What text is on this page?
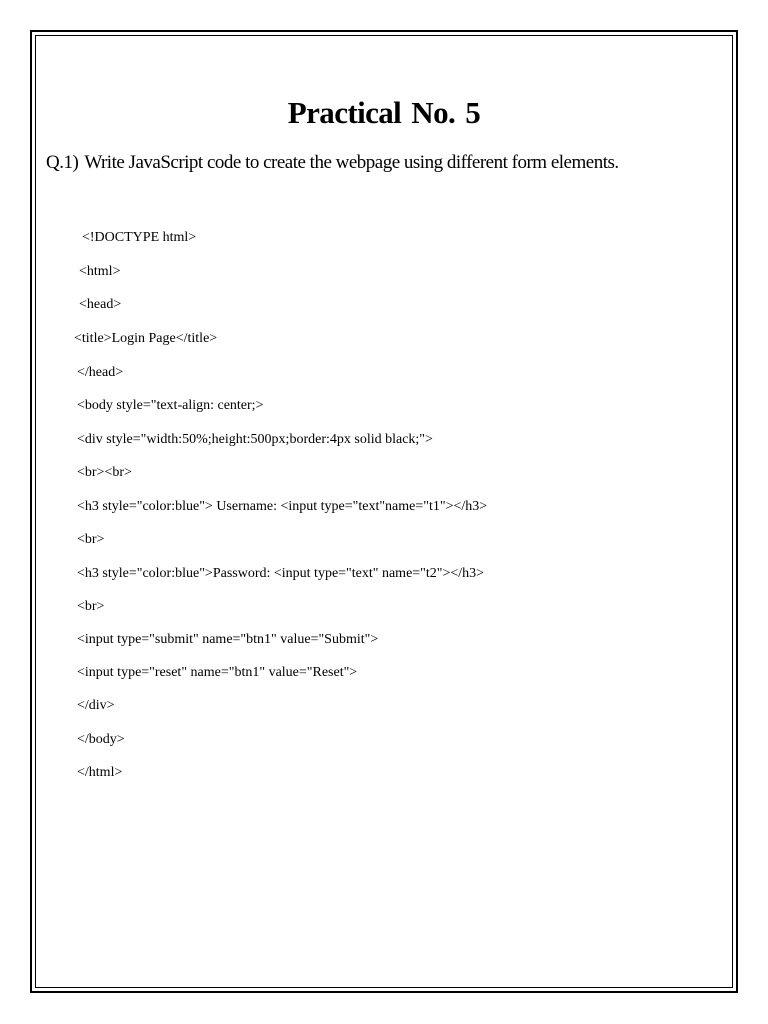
Practical No. 5

Q.1) Write JavaScript code to create the webpage using different form elements.

<!DOCTYPE html>

<html>

<head>

<title>Login Page</title>

</head>

<body style="text-align: center;>

<div style="width:50%;height:500px;border:4px solid black;">

<br><br>

<h3 style="color:blue"> Username: <input type="text"name="t1"></h3>

<br>

<h3 style="color:blue">Password: <input type="text" name="t2"></h3>

<br>

<input type="submit" name="btn1" value="Submit">

<input type="reset" name="btn1" value="Reset">

</div>

</body>

</html>
